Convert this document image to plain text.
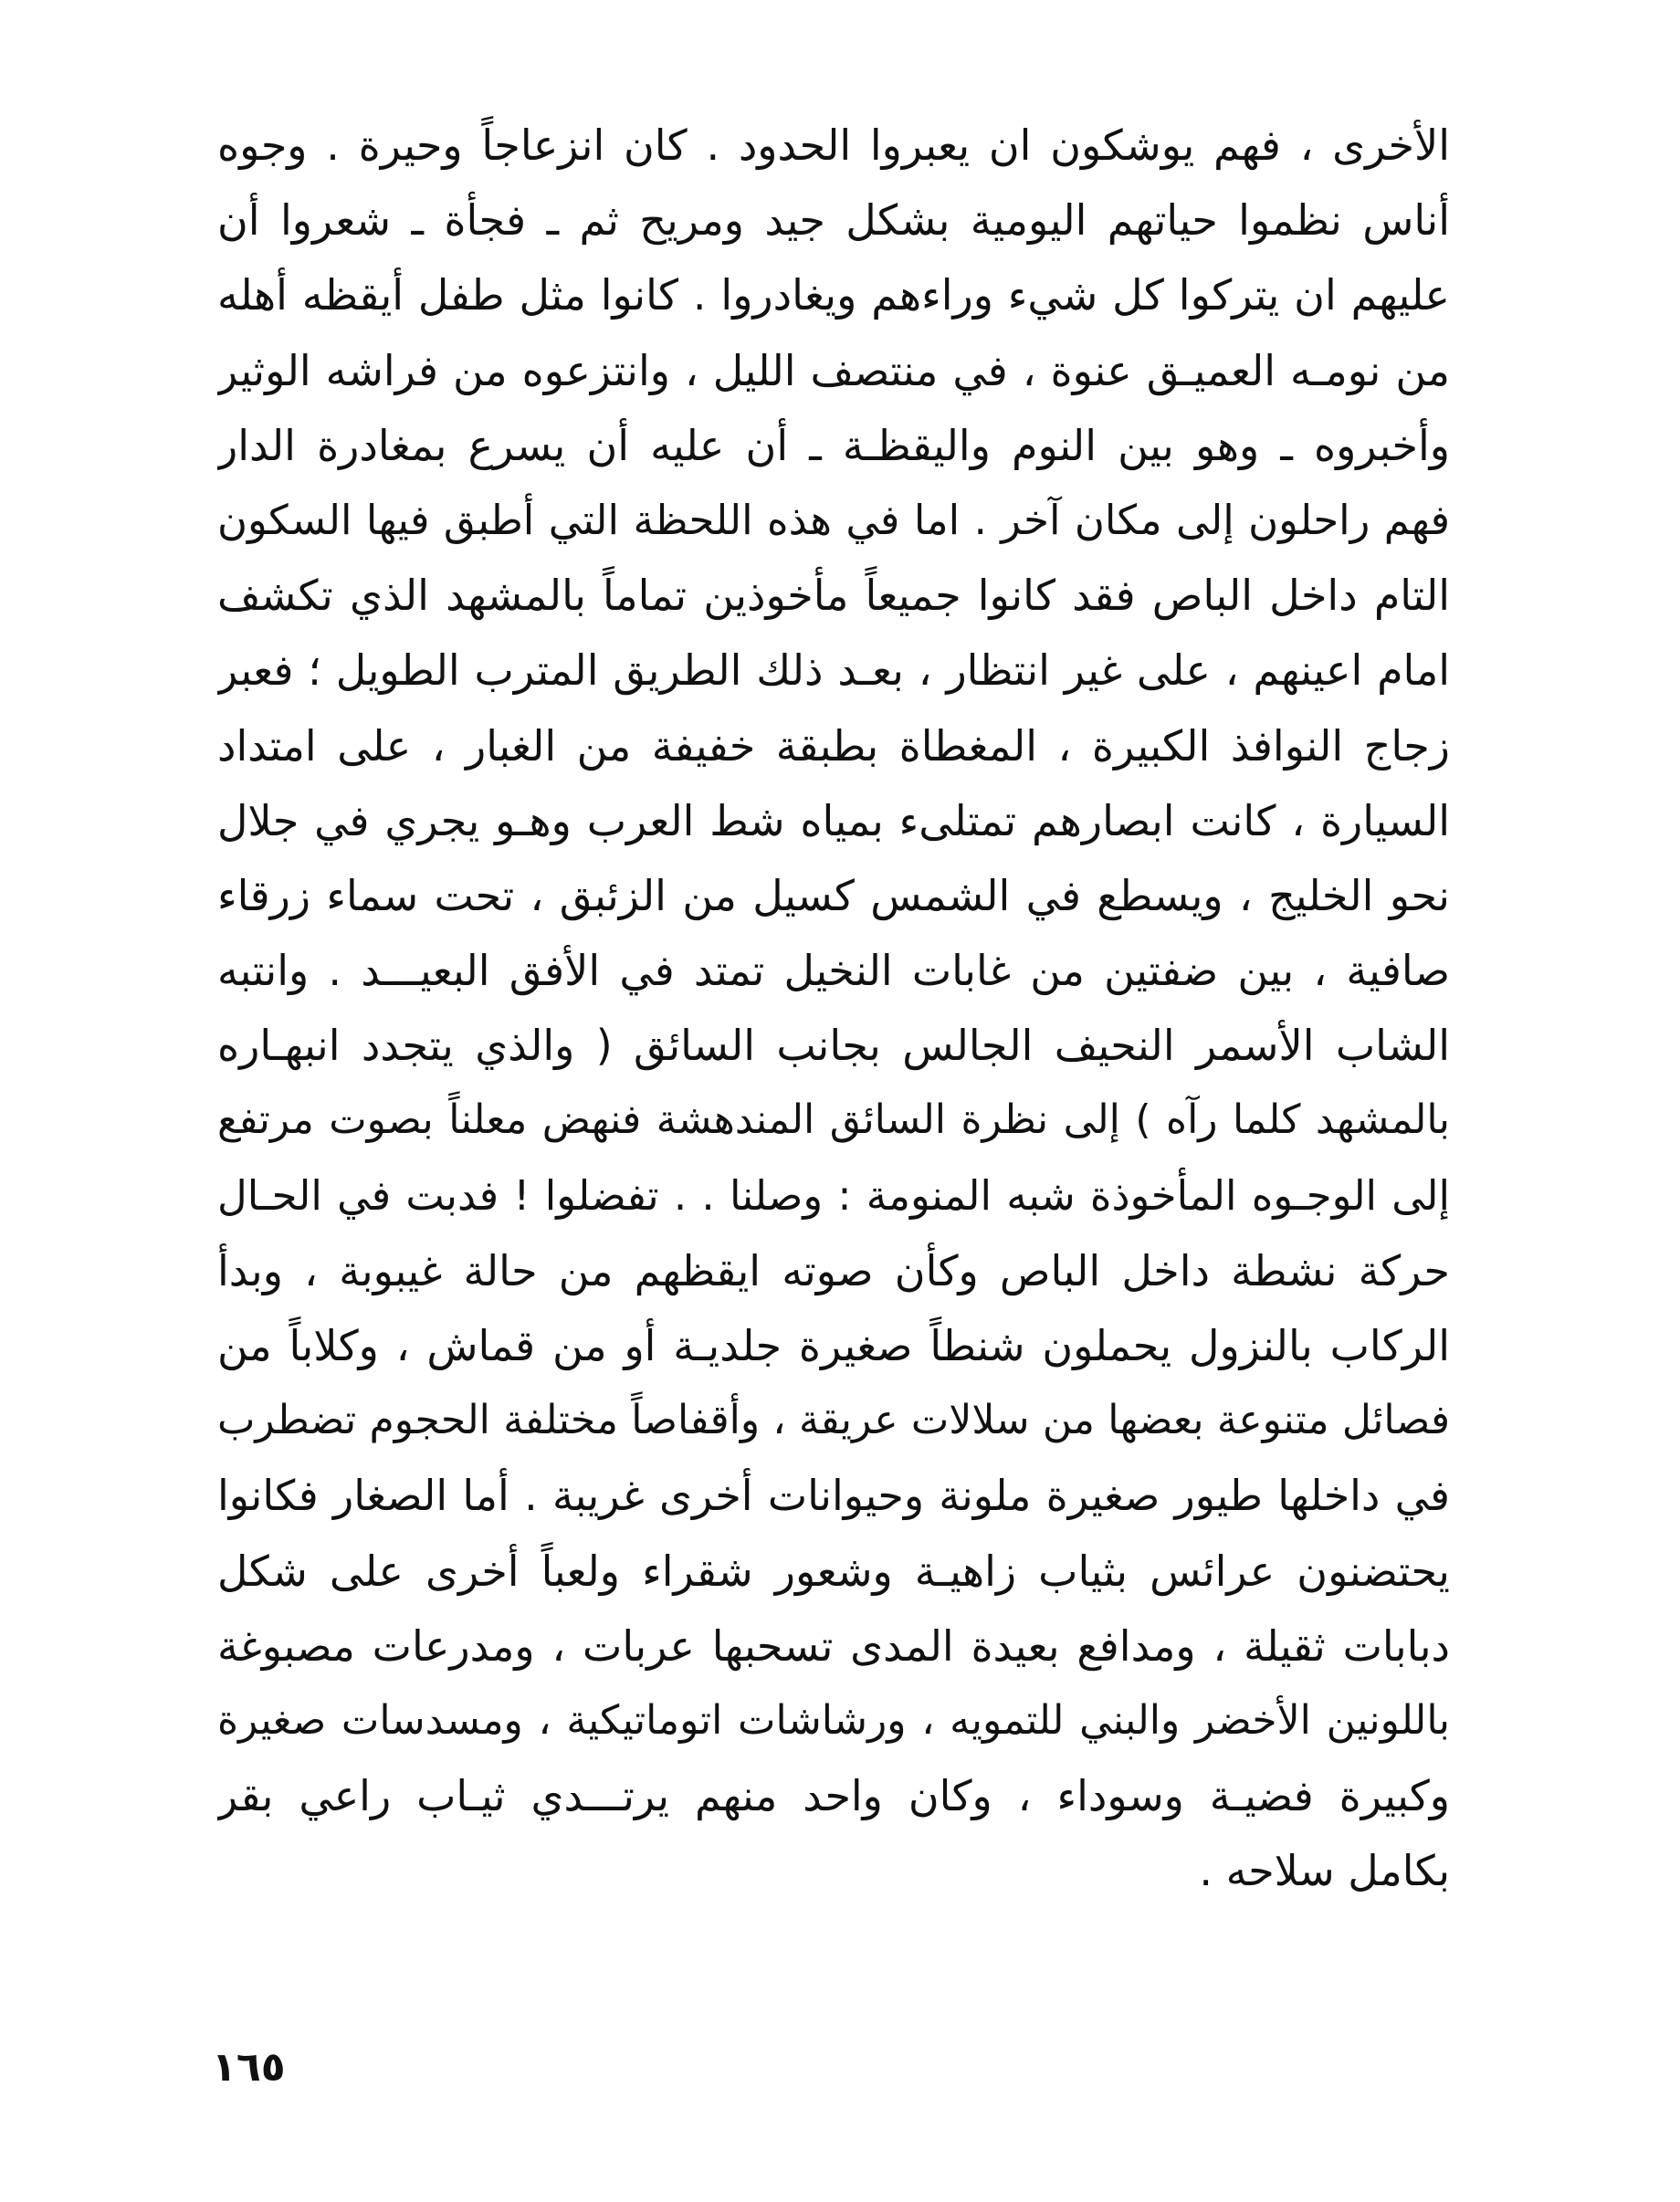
الأخرى ، فهم يوشكون ان يعبروا الحدود . كان انزعاجاً وحيرة . وجوه
أناس نظموا حياتهم اليومية بشكل جيد ومريح ثم ـ فجأة ـ شعروا أن
عليهم ان يتركوا كل شيء وراءهم ويغادروا . كانوا مثل طفل أيقظه أهله
من نومـه العميـق عنوة ، في منتصف الليل ، وانتزعوه من فراشه الوثير
وأخبروه ـ وهو بين النوم واليقظـة ـ أن عليه أن يسرع بمغادرة الدار
فهم راحلون إلى مكان آخر . اما في هذه اللحظة التي أطبق فيها السكون
التام داخل الباص فقد كانوا جميعاً مأخوذين تماماً بالمشهد الذي تكشف
امام اعينهم ، على غير انتظار ، بعـد ذلك الطريق المترب الطويل ؛ فعبر
زجاج النوافذ الكبيرة ، المغطاة بطبقة خفيفة من الغبار ، على امتداد
السيارة ، كانت ابصارهم تمتلىء بمياه شط العرب وهـو يجري في جلال
نحو الخليج ، ويسطع في الشمس كسيل من الزئبق ، تحت سماء زرقاء
صافية ، بين ضفتين من غابات النخيل تمتد في الأفق البعيـــد . وانتبه
الشاب الأسمر النحيف الجالس بجانب السائق ( والذي يتجدد انبهـاره
بالمشهد كلما رآه ) إلى نظرة السائق المندهشة فنهض معلناً بصوت مرتفع
إلى الوجـوه المأخوذة شبه المنومة : وصلنا . . تفضلوا ! فدبت في الحـال
حركة نشطة داخل الباص وكأن صوته ايقظهم من حالة غيبوبة ، وبدأ
الركاب بالنزول يحملون شنطاً صغيرة جلديـة أو من قماش ، وكلاباً من
فصائل متنوعة بعضها من سلالات عريقة ، وأقفاصاً مختلفة الحجوم تضطرب
في داخلها طيور صغيرة ملونة وحيوانات أخرى غريبة . أما الصغار فكانوا
يحتضنون عرائس بثياب زاهيـة وشعور شقراء ولعباً أخرى على شكل
دبابات ثقيلة ، ومدافع بعيدة المدى تسحبها عربات ، ومدرعات مصبوغة
باللونين الأخضر والبني للتمويه ، ورشاشات اتوماتيكية ، ومسدسات صغيرة
وكبيرة فضيـة وسوداء ، وكان واحد منهم يرتـــدي ثيـاب راعي بقر
بكامل سلاحه .
١٦٥
